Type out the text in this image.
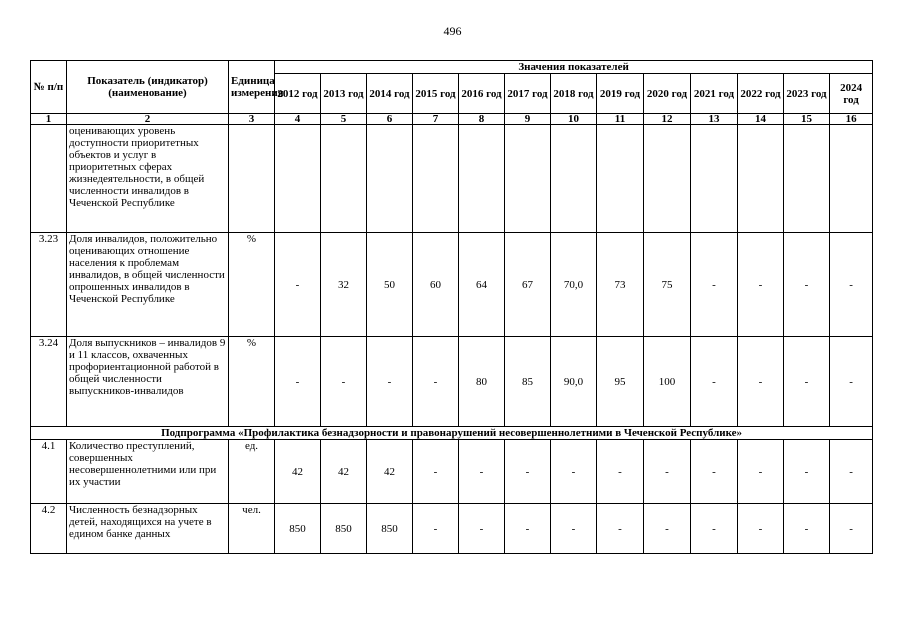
496
№ п/п	Показатель (индикатор) (наименование)	Единица измерения	Значения показателей												
			2012 год	2013 год	2014 год	2015 год	2016 год	2017 год	2018 год	2019 год	2020 год	2021 год	2022 год	2023 год	2024 год
1	2	3	4	5	6	7	8	9	10	11	12	13	14	15	16
	оценивающих уровень доступности приоритетных объектов и услуг в приоритетных сферах жизнедеятельности, в общей численности инвалидов в Чеченской Республике														
3.23	Доля инвалидов, положительно оценивающих отношение населения к проблемам инвалидов, в общей численности опрошенных инвалидов в Чеченской Республике	%	-	32	50	60	64	67	70,0	73	75	-	-	-	-
3.24	Доля выпускников – инвалидов 9 и 11 классов, охваченных профориентационной работой в общей численности выпускников-инвалидов	%	-	-	-	-	80	85	90,0	95	100	-	-	-	-
Подпрограмма «Профилактика безнадзорности и правонарушений несовершеннолетними в Чеченской Республике»															
4.1	Количество преступлений, совершенных несовершеннолетними или при их участии	ед.	42	42	42	-	-	-	-	-	-	-	-	-	-
4.2	Численность безнадзорных детей, находящихся на учете в едином банке данных	чел.	850	850	850	-	-	-	-	-	-	-	-	-	-
